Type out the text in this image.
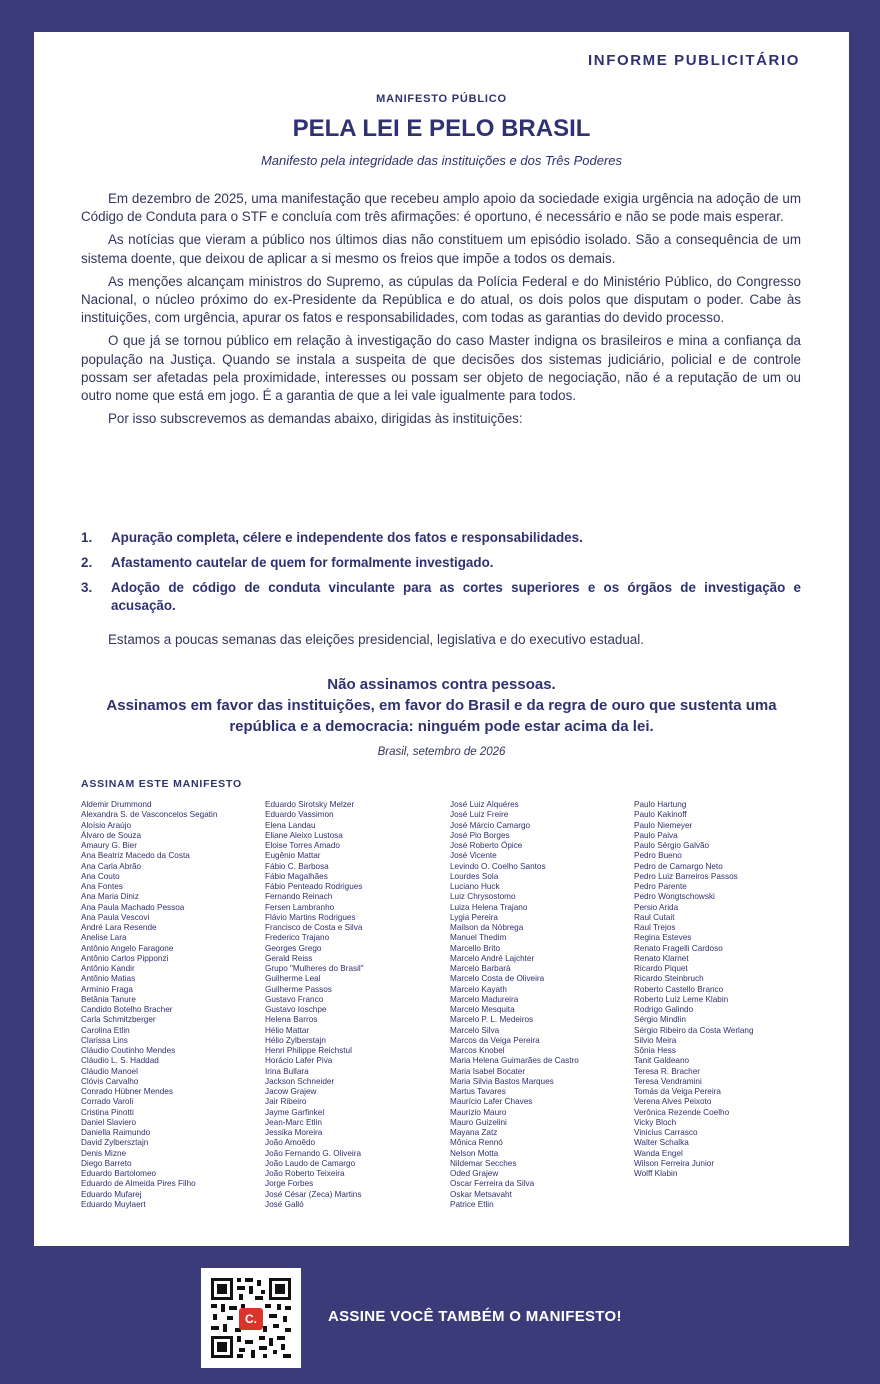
INFORME PUBLICITÁRIO
MANIFESTO PÚBLICO
PELA LEI E PELO BRASIL
Manifesto pela integridade das instituições e dos Três Poderes

Em dezembro de 2025, uma manifestação que recebeu amplo apoio da sociedade exigia urgência na adoção de um Código de Conduta para o STF e concluía com três afirmações: é oportuno, é necessário e não se pode mais esperar.

As notícias que vieram a público nos últimos dias não constituem um episódio isolado. São a consequência de um sistema doente, que deixou de aplicar a si mesmo os freios que impõe a todos os demais.

As menções alcançam ministros do Supremo, as cúpulas da Polícia Federal e do Ministério Público, do Congresso Nacional, o núcleo próximo do ex-Presidente da República e do atual, os dois polos que disputam o poder. Cabe às instituições, com urgência, apurar os fatos e responsabilidades, com todas as garantias do devido processo.

O que já se tornou público em relação à investigação do caso Master indigna os brasileiros e mina a confiança da população na Justiça. Quando se instala a suspeita de que decisões dos sistemas judiciário, policial e de controle possam ser afetadas pela proximidade, interesses ou possam ser objeto de negociação, não é a reputação de um ou outro nome que está em jogo. É a garantia de que a lei vale igualmente para todos.

Por isso subscrevemos as demandas abaixo, dirigidas às instituições:

1. Apuração completa, célere e independente dos fatos e responsabilidades.
2. Afastamento cautelar de quem for formalmente investigado.
3. Adoção de código de conduta vinculante para as cortes superiores e os órgãos de investigação e acusação.
Estamos a poucas semanas das eleições presidencial, legislativa e do executivo estadual.
Não assinamos contra pessoas.
Assinamos em favor das instituições, em favor do Brasil e da regra de ouro que sustenta uma
república e a democracia: ninguém pode estar acima da lei.
Brasil, setembro de 2026
ASSINAM ESTE MANIFESTO
Aldemir Drummond
Alexandra S. de Vasconcelos Segatin
Aloísio Araújo
Álvaro de Souza
Amaury G. Bier
Ana Beatriz Macedo da Costa
Ana Carla Abrão
Ana Couto
Ana Fontes
Ana Maria Diniz
Ana Paula Machado Pessoa
Ana Paula Vescovi
André Lara Resende
Anelise Lara
Antônio Angelo Faragone
Antônio Carlos Pipponzi
Antônio Kandir
Antônio Matias
Armínio Fraga
Betânia Tanure
Candido Botelho Bracher
Carla Schmitzberger
Carolina Etlin
Clarissa Lins
Cláudio Coutinho Mendes
Cláudio L. S. Haddad
Cláudio Manoel
Clóvis Carvalho
Conrado Hübner Mendes
Corrado Varoli
Cristina Pinotti
Daniel Slaviero
Daniella Raimundo
David Zylbersztajn
Denis Mizne
Diego Barreto
Eduardo Bartolomeo
Eduardo de Almeida Pires Filho
Eduardo Mufarej
Eduardo Muylaert
Eduardo Sirotsky Melzer
Eduardo Vassimon
Elena Landau
Eliane Aleixo Lustosa
Eloise Torres Amado
Eugênio Mattar
Fábio C. Barbosa
Fábio Magalhães
Fábio Penteado Rodrigues
Fernando Reinach
Fersen Lambranho
Flávio Martins Rodrigues
Francisco de Costa e Silva
Frederico Trajano
Georges Grego
Gerald Reiss
Grupo "Mulheres do Brasil"
Guilherme Leal
Guilherme Passos
Gustavo Franco
Gustavo Ioschpe
Helena Barros
Hélio Mattar
Hélio Zylberstajn
Henri Philippe Reichstul
Horácio Lafer Piva
Irina Bullara
Jackson Schneider
Jacow Grajew
Jair Ribeiro
Jayme Garfinkel
Jean-Marc Etlin
Jessika Moreira
João Amoêdo
João Fernando G. Oliveira
João Laudo de Camargo
João Roberto Teixeira
Jorge Forbes
José César (Zeca) Martins
José Galló
José Luiz Alquéres
José Luiz Freire
José Márcio Camargo
José Pio Borges
José Roberto Ópice
José Vicente
Levindo O. Coelho Santos
Lourdes Sola
Luciano Huck
Luiz Chrysostomo
Luiza Helena Trajano
Lygia Pereira
Mailson da Nóbrega
Manuel Thedim
Marcello Brito
Marcelo André Lajchter
Marcelo Barbará
Marcelo Costa de Oliveira
Marcelo Kayath
Marcelo Madureira
Marcelo Mesquita
Marcelo P. L. Medeiros
Marcelo Silva
Marcos da Veiga Pereira
Marcos Knobel
Maria Helena Guimarães de Castro
Maria Isabel Bocater
Maria Silvia Bastos Marques
Martus Tavares
Maurício Lafer Chaves
Maurizio Mauro
Mauro Guizelini
Mayana Zatz
Mônica Rennó
Nelson Motta
Nildemar Secches
Oded Grajew
Oscar Ferreira da Silva
Oskar Metsavaht
Patrice Etlin
Paulo Hartung
Paulo Kakinoff
Paulo Niemeyer
Paulo Paiva
Paulo Sérgio Galvão
Pedro Bueno
Pedro de Camargo Neto
Pedro Luiz Barreiros Passos
Pedro Parente
Pedro Wongtschowski
Persio Arida
Raul Cutait
Raul Trejos
Regina Esteves
Renato Fragelli Cardoso
Renato Klarnet
Ricardo Piquet
Ricardo Steinbruch
Roberto Castello Branco
Roberto Luiz Leme Klabin
Rodrigo Galindo
Sérgio Mindlin
Sérgio Ribeiro da Costa Werlang
Silvio Meira
Sônia Hess
Tanit Galdeano
Teresa R. Bracher
Teresa Vendramini
Tomás da Veiga Pereira
Verena Alves Peixoto
Verônica Rezende Coelho
Vicky Bloch
Vinicius Carrasco
Walter Schalka
Wanda Engel
Wilson Ferreira Junior
Wolff Klabin
C.	ASSINE VOCÊ TAMBÉM O MANIFESTO!
